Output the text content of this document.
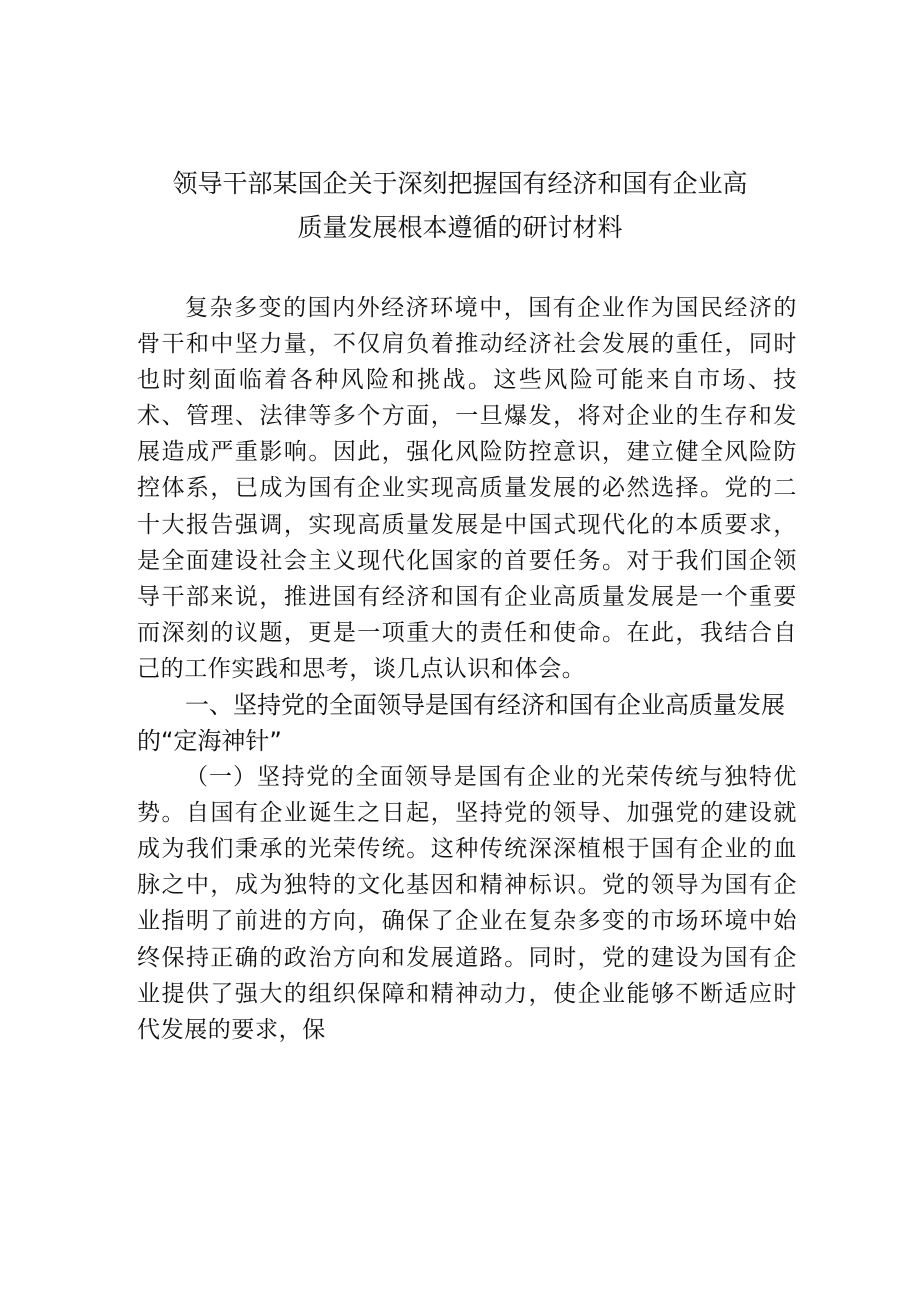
领导干部某国企关于深刻把握国有经济和国有企业高
质量发展根本遵循的研讨材料

复杂多变的国内外经济环境中，国有企业作为国民经济的骨干和中坚力量，不仅肩负着推动经济社会发展的重任，同时也时刻面临着各种风险和挑战。这些风险可能来自市场、技术、管理、法律等多个方面，一旦爆发，将对企业的生存和发展造成严重影响。因此，强化风险防控意识，建立健全风险防控体系，已成为国有企业实现高质量发展的必然选择。党的二十大报告强调，实现高质量发展是中国式现代化的本质要求，是全面建设社会主义现代化国家的首要任务。对于我们国企领导干部来说，推进国有经济和国有企业高质量发展是一个重要而深刻的议题，更是一项重大的责任和使命。在此，我结合自己的工作实践和思考，谈几点认识和体会。

一、坚持党的全面领导是国有经济和国有企业高质量发展的“定海神针”

（一）坚持党的全面领导是国有企业的光荣传统与独特优势。自国有企业诞生之日起，坚持党的领导、加强党的建设就成为我们秉承的光荣传统。这种传统深深植根于国有企业的血脉之中，成为独特的文化基因和精神标识。党的领导为国有企业指明了前进的方向，确保了企业在复杂多变的市场环境中始终保持正确的政治方向和发展道路。同时，党的建设为国有企业提供了强大的组织保障和精神动力，使企业能够不断适应时代发展的要求，保
